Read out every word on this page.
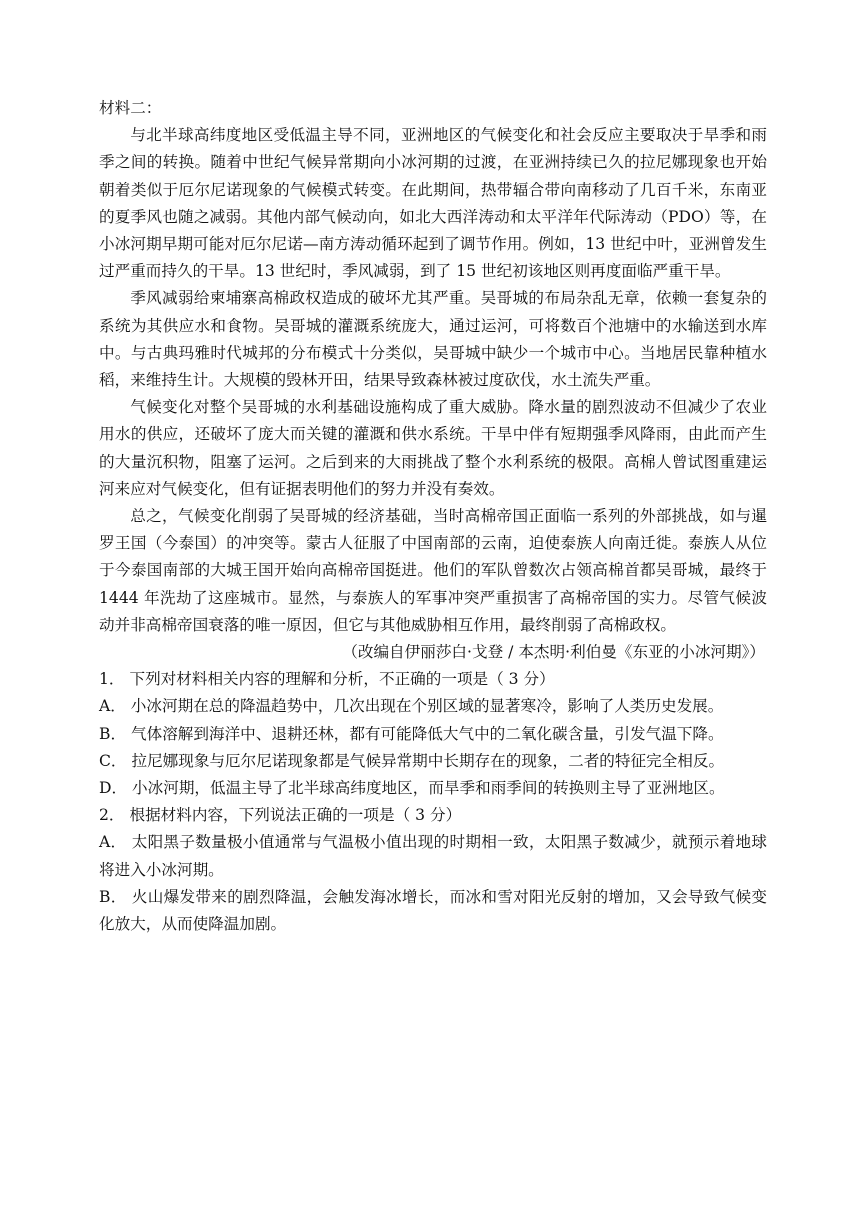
材料二：

与北半球高纬度地区受低温主导不同，亚洲地区的气候变化和社会反应主要取决于旱季和雨季之间的转换。随着中世纪气候异常期向小冰河期的过渡，在亚洲持续已久的拉尼娜现象也开始朝着类似于厄尔尼诺现象的气候模式转变。在此期间，热带辐合带向南移动了几百千米，东南亚的夏季风也随之减弱。其他内部气候动向，如北大西洋涛动和太平洋年代际涛动（PDO）等，在小冰河期早期可能对厄尔尼诺—南方涛动循环起到了调节作用。例如，13 世纪中叶，亚洲曾发生过严重而持久的干旱。13 世纪时，季风减弱，到了 15 世纪初该地区则再度面临严重干旱。

季风减弱给柬埔寨高棉政权造成的破坏尤其严重。吴哥城的布局杂乱无章，依赖一套复杂的系统为其供应水和食物。吴哥城的灌溉系统庞大，通过运河，可将数百个池塘中的水输送到水库中。与古典玛雅时代城邦的分布模式十分类似，吴哥城中缺少一个城市中心。当地居民靠种植水稻，来维持生计。大规模的毁林开田，结果导致森林被过度砍伐，水土流失严重。

气候变化对整个吴哥城的水利基础设施构成了重大威胁。降水量的剧烈波动不但减少了农业用水的供应，还破坏了庞大而关键的灌溉和供水系统。干旱中伴有短期强季风降雨，由此而产生的大量沉积物，阻塞了运河。之后到来的大雨挑战了整个水利系统的极限。高棉人曾试图重建运河来应对气候变化，但有证据表明他们的努力并没有奏效。

总之，气候变化削弱了吴哥城的经济基础，当时高棉帝国正面临一系列的外部挑战，如与暹罗王国（今泰国）的冲突等。蒙古人征服了中国南部的云南，迫使泰族人向南迁徙。泰族人从位于今泰国南部的大城王国开始向高棉帝国挺进。他们的军队曾数次占领高棉首都吴哥城，最终于 1444 年洗劫了这座城市。显然，与泰族人的军事冲突严重损害了高棉帝国的实力。尽管气候波动并非高棉帝国衰落的唯一原因，但它与其他威胁相互作用，最终削弱了高棉政权。

（改编自伊丽莎白·戈登 / 本杰明·利伯曼《东亚的小冰河期》）

1． 下列对材料相关内容的理解和分析，不正确的一项是（ 3 分）

A． 小冰河期在总的降温趋势中，几次出现在个别区域的显著寒冷，影响了人类历史发展。

B． 气体溶解到海洋中、退耕还林，都有可能降低大气中的二氧化碳含量，引发气温下降。

C． 拉尼娜现象与厄尔尼诺现象都是气候异常期中长期存在的现象，二者的特征完全相反。

D． 小冰河期，低温主导了北半球高纬度地区，而旱季和雨季间的转换则主导了亚洲地区。

2． 根据材料内容，下列说法正确的一项是（ 3 分）

A． 太阳黑子数量极小值通常与气温极小值出现的时期相一致，太阳黑子数减少，就预示着地球将进入小冰河期。

B． 火山爆发带来的剧烈降温，会触发海冰增长，而冰和雪对阳光反射的增加，又会导致气候变化放大，从而使降温加剧。
